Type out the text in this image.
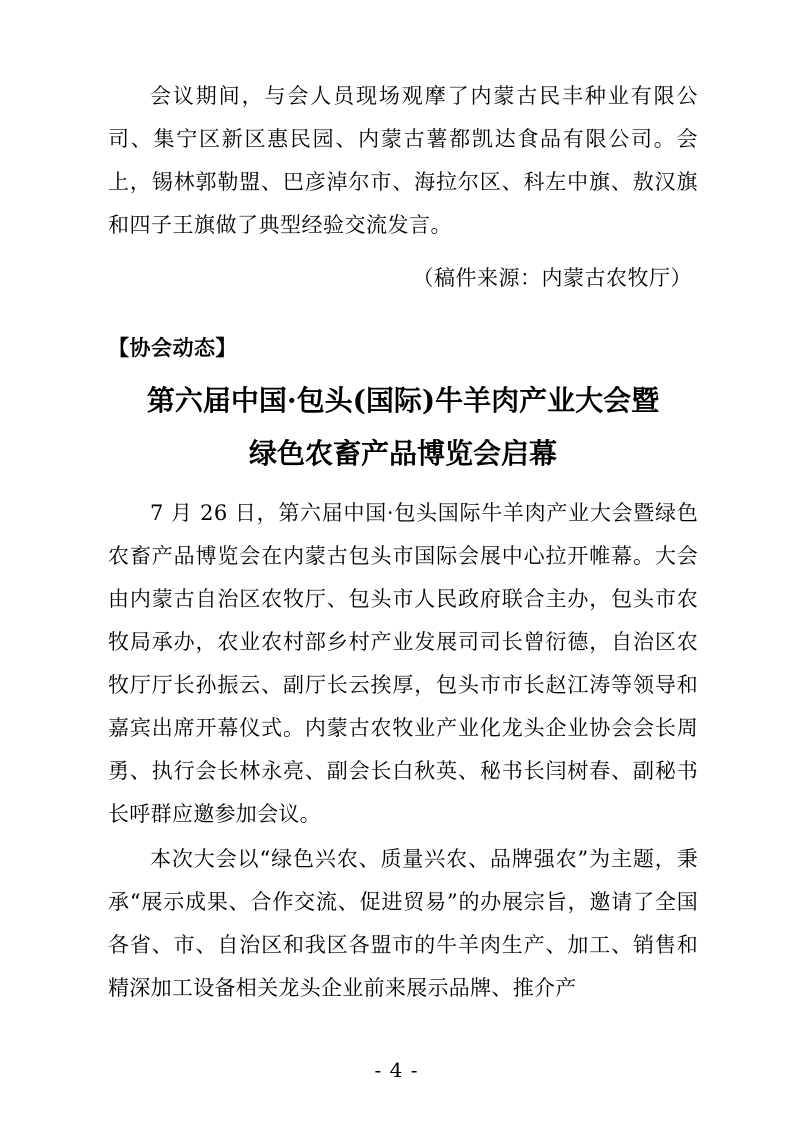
会议期间，与会人员现场观摩了内蒙古民丰种业有限公司、集宁区新区惠民园、内蒙古薯都凯达食品有限公司。会上，锡林郭勒盟、巴彦淖尔市、海拉尔区、科左中旗、敖汉旗和四子王旗做了典型经验交流发言。

（稿件来源：内蒙古农牧厅）

【协会动态】

第六届中国·包头(国际)牛羊肉产业大会暨
绿色农畜产品博览会启幕

7 月 26 日，第六届中国·包头国际牛羊肉产业大会暨绿色农畜产品博览会在内蒙古包头市国际会展中心拉开帷幕。大会由内蒙古自治区农牧厅、包头市人民政府联合主办，包头市农牧局承办，农业农村部乡村产业发展司司长曾衍德，自治区农牧厅厅长孙振云、副厅长云挨厚，包头市市长赵江涛等领导和嘉宾出席开幕仪式。内蒙古农牧业产业化龙头企业协会会长周勇、执行会长林永亮、副会长白秋英、秘书长闫树春、副秘书长呼群应邀参加会议。

本次大会以“绿色兴农、质量兴农、品牌强农”为主题，秉承“展示成果、合作交流、促进贸易”的办展宗旨，邀请了全国各省、市、自治区和我区各盟市的牛羊肉生产、加工、销售和精深加工设备相关龙头企业前来展示品牌、推介产

- 4 -
